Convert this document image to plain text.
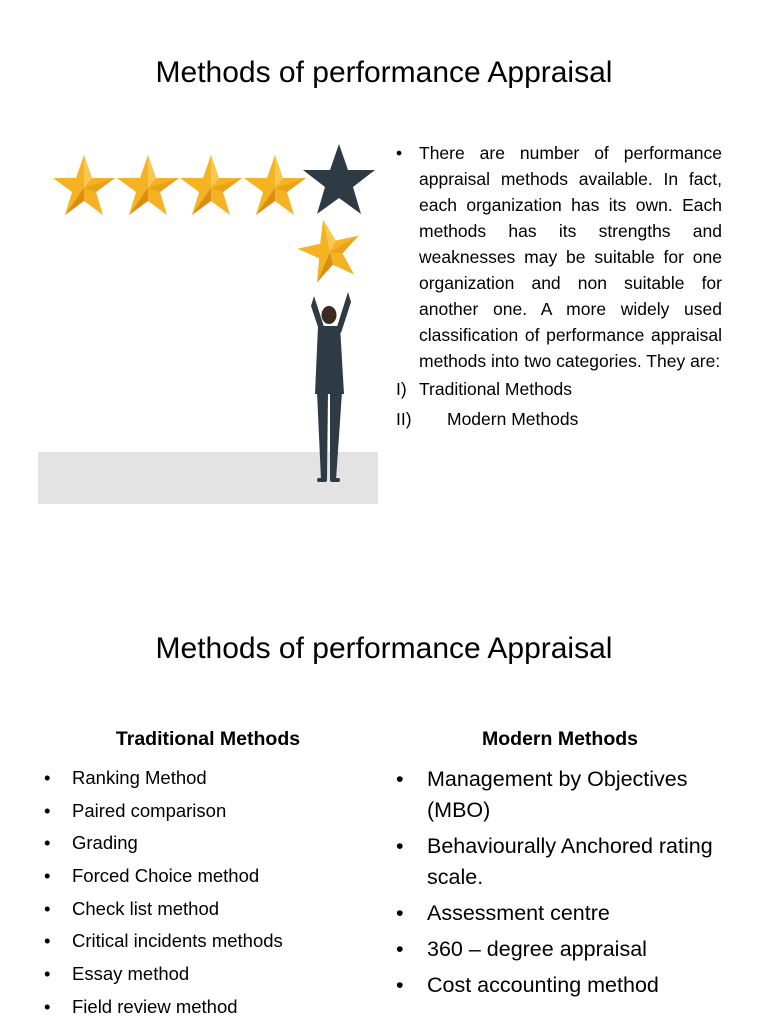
Methods of performance Appraisal
• There are number of performance appraisal methods available. In fact, each organization has its own. Each methods has its strengths and weaknesses may be suitable for one organization and non suitable for another one. A more widely used classification of performance appraisal methods into two categories. They are:
I) Traditional Methods
II) Modern Methods
Methods of performance Appraisal
Traditional Methods
• Ranking Method
• Paired comparison
• Grading
• Forced Choice method
• Check list method
• Critical incidents methods
• Essay method
• Field review method
Modern Methods
• Management by Objectives (MBO)
• Behaviourally Anchored rating scale.
• Assessment centre
• 360 – degree appraisal
• Cost accounting method
